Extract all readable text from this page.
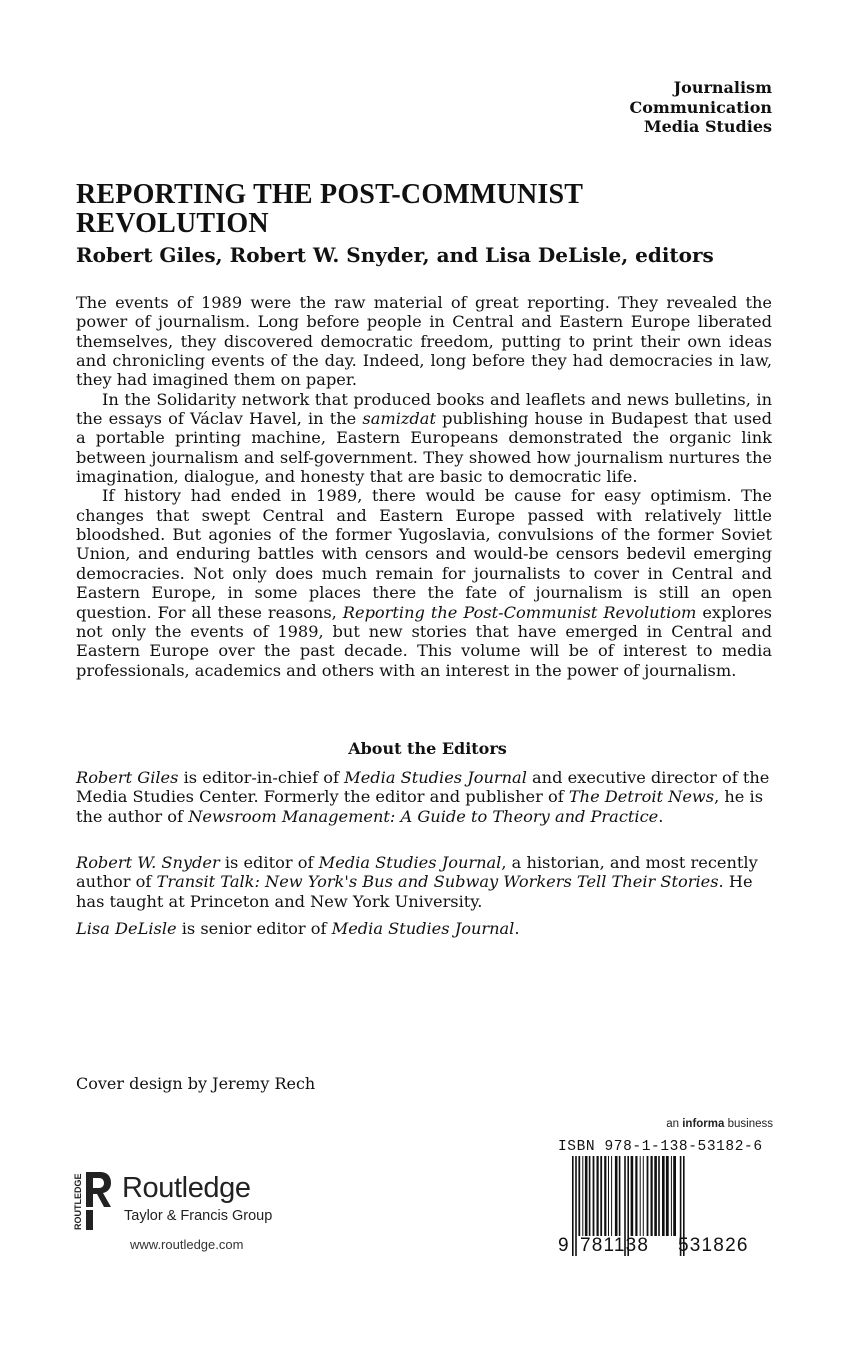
Journalism
Communication
Media Studies
REPORTING THE POST-COMMUNIST REVOLUTION
Robert Giles, Robert W. Snyder, and Lisa DeLisle, editors

The events of 1989 were the raw material of great reporting. They revealed the power of journalism. Long before people in Central and Eastern Europe liberated themselves, they discovered democratic freedom, putting to print their own ideas and chronicling events of the day. Indeed, long before they had democracies in law, they had imagined them on paper.

In the Solidarity network that produced books and leaflets and news bulletins, in the essays of Václav Havel, in the samizdat publishing house in Budapest that used a portable printing machine, Eastern Europeans demonstrated the organic link between journalism and self-government. They showed how journalism nurtures the imagination, dialogue, and honesty that are basic to democratic life.

If history had ended in 1989, there would be cause for easy optimism. The changes that swept Central and Eastern Europe passed with relatively little bloodshed. But agonies of the former Yugoslavia, convulsions of the former Soviet Union, and enduring battles with censors and would-be censors bedevil emerging democracies. Not only does much remain for journalists to cover in Central and Eastern Europe, in some places there the fate of journalism is still an open question. For all these reasons, Reporting the Post-Communist Revolutiom explores not only the events of 1989, but new stories that have emerged in Central and Eastern Europe over the past decade. This volume will be of interest to media professionals, academics and others with an interest in the power of journalism.

About the Editors

Robert Giles is editor-in-chief of Media Studies Journal and executive director of the Media Studies Center. Formerly the editor and publisher of The Detroit News, he is the author of Newsroom Management: A Guide to Theory and Practice.

Robert W. Snyder is editor of Media Studies Journal, a historian, and most recently author of Transit Talk: New York's Bus and Subway Workers Tell Their Stories. He has taught at Princeton and New York University.

Lisa DeLisle is senior editor of Media Studies Journal.

Cover design by Jeremy Rech
ROUTLEDGE Routledge
Taylor & Francis Group
www.routledge.com
an informa business
ISBN 978-1-138-53182-6
9 781138 531826
